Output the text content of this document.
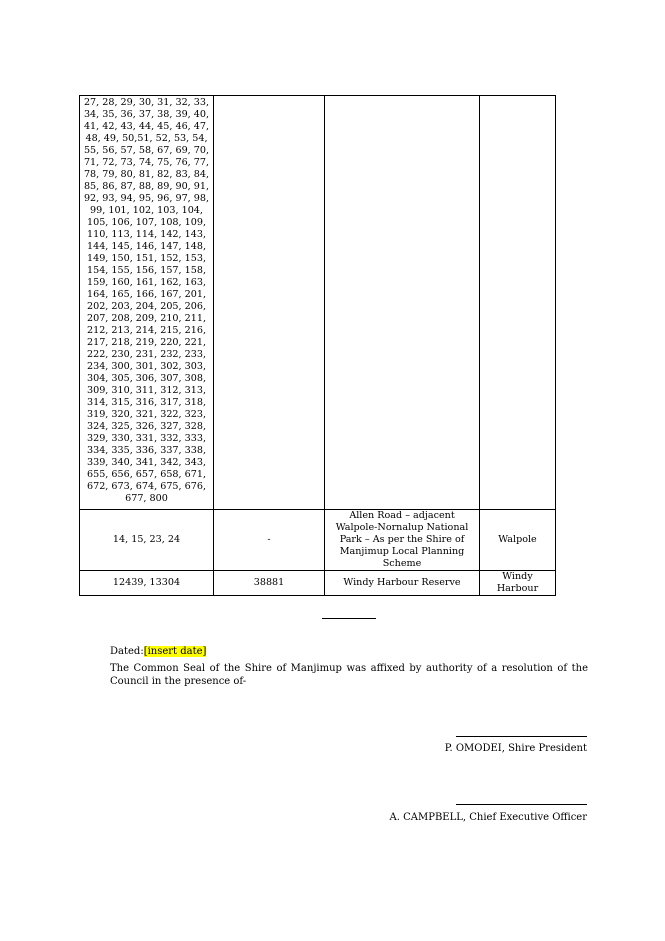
27, 28, 29, 30, 31, 32, 33, 34, 35, 36, 37, 38, 39, 40, 41, 42, 43, 44, 45, 46, 47, 48, 49, 50,51, 52, 53, 54, 55, 56, 57, 58, 67, 69, 70, 71, 72, 73, 74, 75, 76, 77, 78, 79, 80, 81, 82, 83, 84, 85, 86, 87, 88, 89, 90, 91, 92, 93, 94, 95, 96, 97, 98, 99, 101, 102, 103, 104, 105, 106, 107, 108, 109, 110, 113, 114, 142, 143, 144, 145, 146, 147, 148, 149, 150, 151, 152, 153, 154, 155, 156, 157, 158, 159, 160, 161, 162, 163, 164, 165, 166, 167, 201, 202, 203, 204, 205, 206, 207, 208, 209, 210, 211, 212, 213, 214, 215, 216, 217, 218, 219, 220, 221, 222, 230, 231, 232, 233, 234, 300, 301, 302, 303, 304, 305, 306, 307, 308, 309, 310, 311, 312, 313, 314, 315, 316, 317, 318, 319, 320, 321, 322, 323, 324, 325, 326, 327, 328, 329, 330, 331, 332, 333, 334, 335, 336, 337, 338, 339, 340, 341, 342, 343, 655, 656, 657, 658, 671, 672, 673, 674, 675, 676, 677, 800			
14, 15, 23, 24	-	Allen Road – adjacent Walpole-Nornalup National Park – As per the Shire of Manjimup Local Planning Scheme	Walpole
12439, 13304	38881	Windy Harbour Reserve	Windy Harbour
Dated:[insert date]
The Common Seal of the Shire of Manjimup was affixed by authority of a resolution of the Council in the presence of-
P. OMODEI, Shire President
A. CAMPBELL, Chief Executive Officer
